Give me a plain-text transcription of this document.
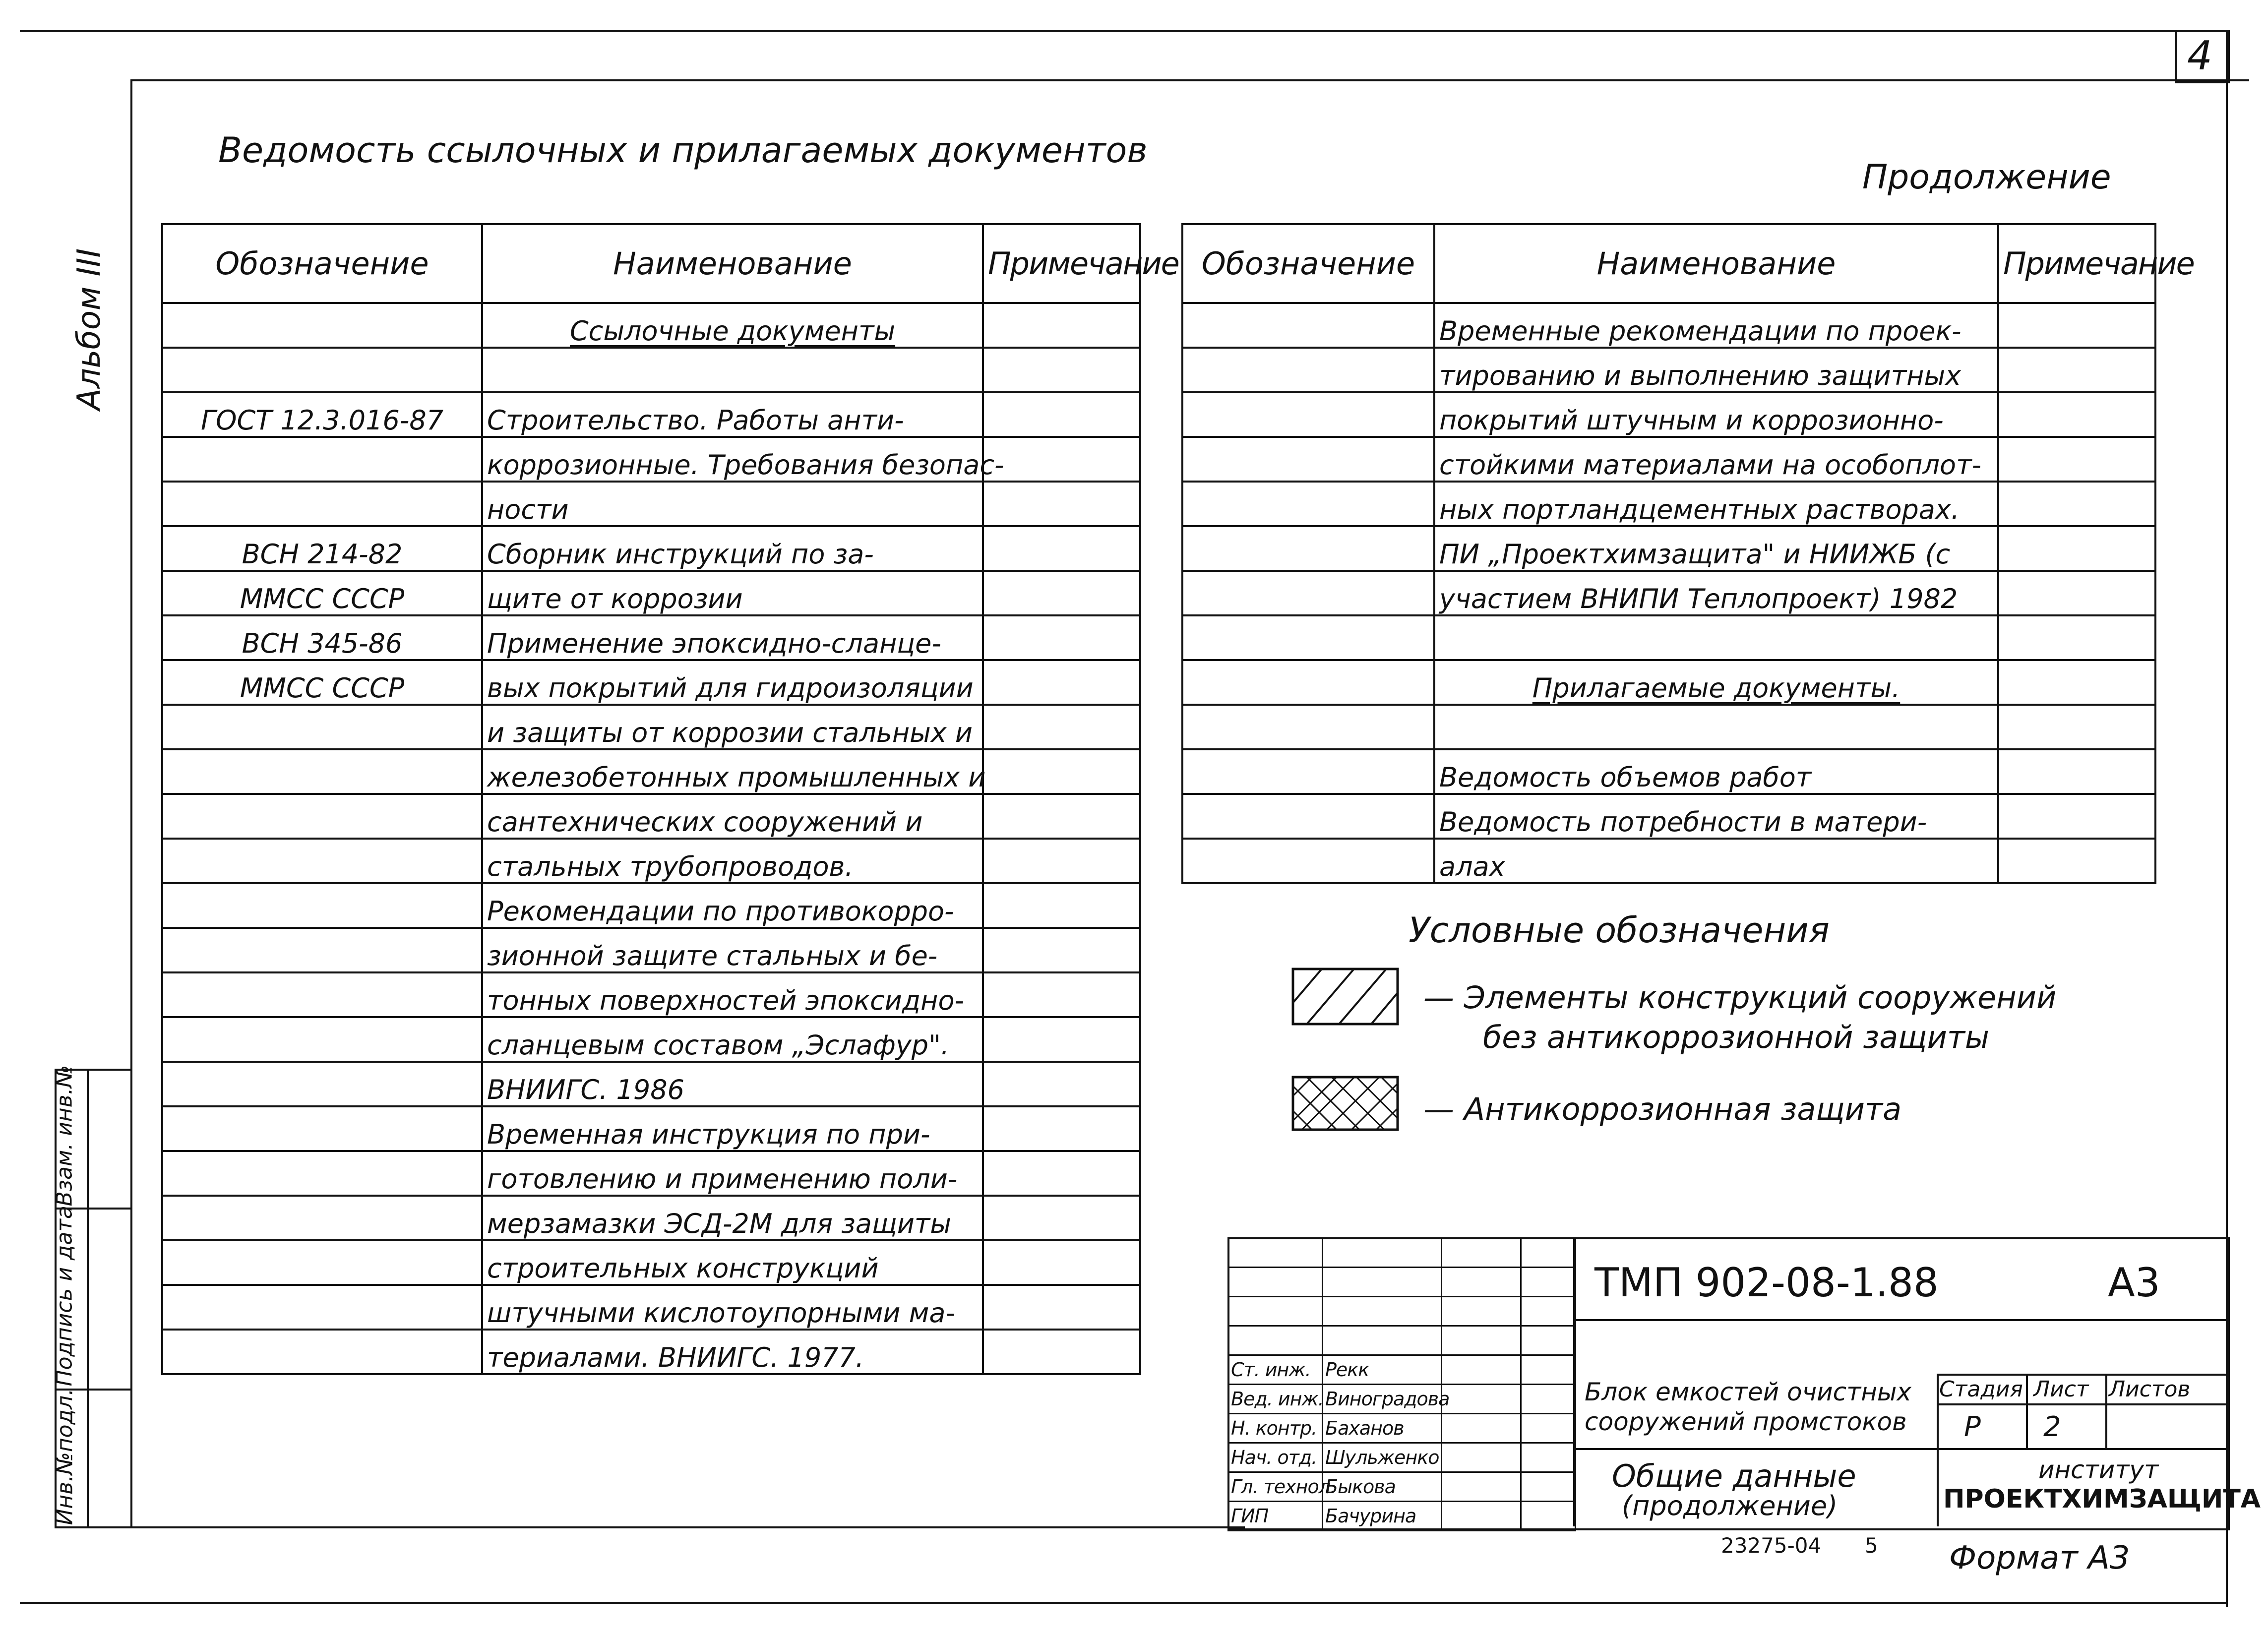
4
Альбом III
Ведомость ссылочных и прилагаемых документов
Продолжение
Обозначение	Наименование	Примечание
	Ссылочные документы	

ГОСТ 12.3.016-87	Строительство. Работы анти-	
	коррозионные. Требования безопас-	
	ности	
ВСН 214-82	Сборник инструкций по за-	
ММСС СССР	щите от коррозии	
ВСН 345-86	Применение эпоксидно-сланце-	
ММСС СССР	вых покрытий для гидроизоляции	
	и защиты от коррозии стальных и	
	железобетонных промышленных и	
	сантехнических сооружений и	
	стальных трубопроводов.	
	Рекомендации по противокорро-	
	зионной защите стальных и бе-	
	тонных поверхностей эпоксидно-	
	сланцевым составом „Эслафур".	
	ВНИИГС. 1986	
	Временная инструкция по при-	
	готовлению и применению поли-	
	мерзамазки ЭСД-2М для защиты	
	строительных конструкций	
	штучными кислотоупорными ма-	
	териалами. ВНИИГС. 1977.	
Обозначение	Наименование	Примечание
	Временные рекомендации по проек-	
	тированию и выполнению защитных	
	покрытий штучным и коррозионно-	
	стойкими материалами на особоплот-	
	ных портландцементных растворах.	
	ПИ „Проектхимзащита" и НИИЖБ (с	
	участием ВНИПИ Теплопроект) 1982	

	Прилагаемые документы.	

	Ведомость объемов работ	
	Ведомость потребности в матери-	
	алах	
Условные обозначения
— Элементы конструкций сооружений
без антикоррозионной защиты
— Антикоррозионная защита
Инв.№подл.
Подпись и дата
Взам. инв.№

Ст. инж.	Рекк		
Вед. инж.	Виноградова		
Н. контр.	Баханов		
Нач. отд.	Шульженко		
Гл. технол.	Быкова		
ГИП	Бачурина		
ТМП 902-08-1.88	А3
Блок емкостей очистных
сооружений промстоков
Общие данные
(продолжение)
Стадия Лист Листов
Р 2
институт
ПРОЕКТХИМЗАЩИТА
23275-04 5 Формат А3
